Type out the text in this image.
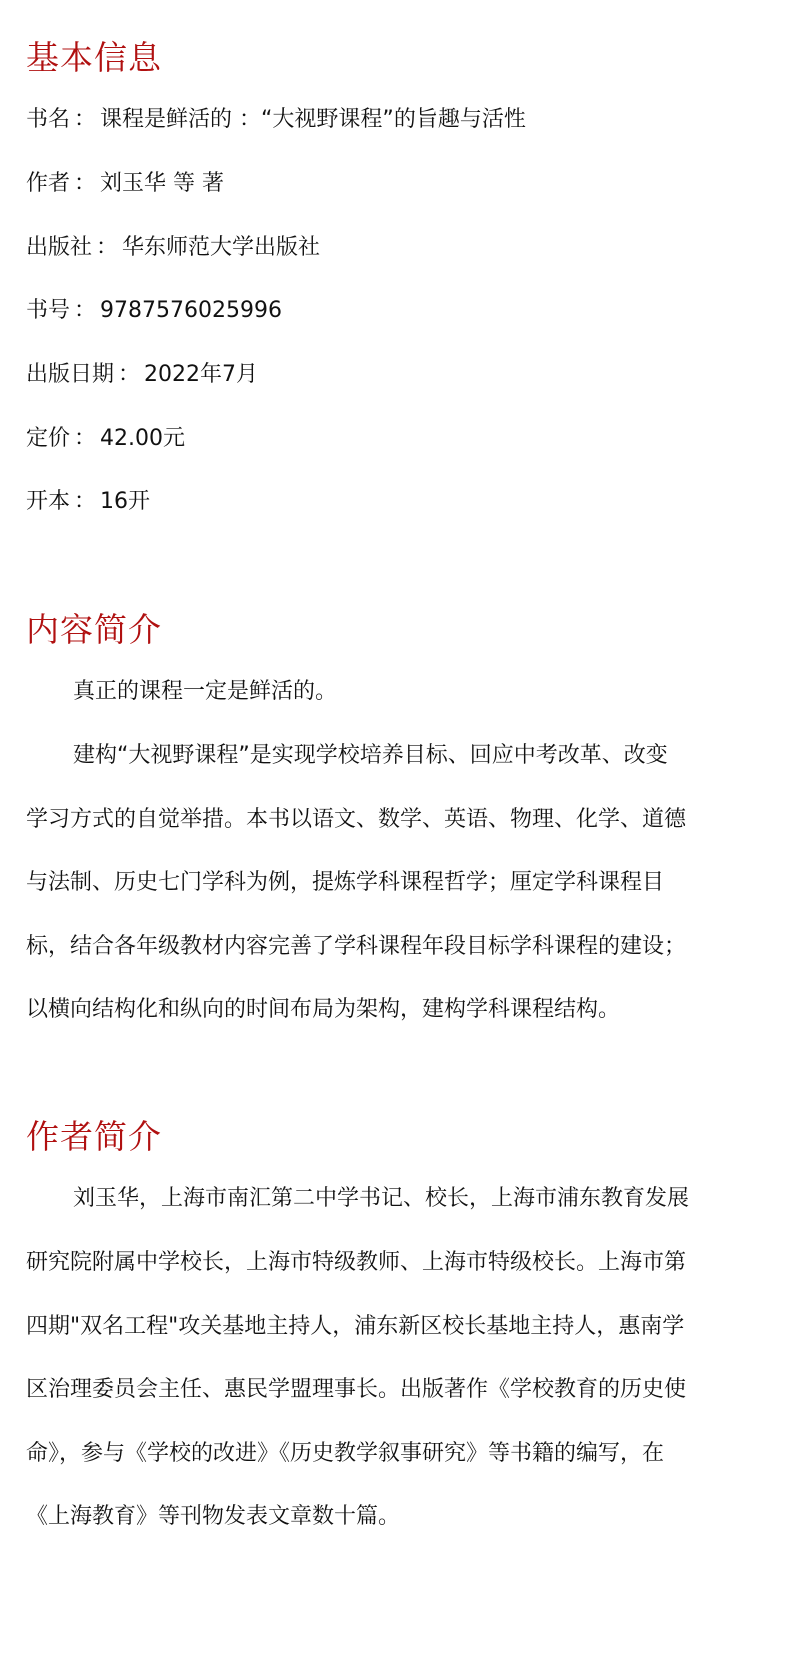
基本信息

书名 ： 课程是鲜活的 ：“大视野课程”的旨趣与活性

作者 ： 刘玉华 等 著

出版社 ： 华东师范大学出版社

书号 ： 9787576025996

出版日期 ： 2022年7月

定价 ： 42.00元

开本 ： 16开

内容简介

真正的课程一定是鲜活的。

建构“大视野课程”是实现学校培养目标、回应中考改革、改变

学习方式的自觉举措。本书以语文、数学、英语、物理、化学、道德

与法制、历史七门学科为例，提炼学科课程哲学；厘定学科课程目

标，结合各年级教材内容完善了学科课程年段目标学科课程的建设；

以横向结构化和纵向的时间布局为架构，建构学科课程结构。

作者简介

刘玉华，上海市南汇第二中学书记、校长，上海市浦东教育发展

研究院附属中学校长，上海市特级教师、上海市特级校长。上海市第

四期"双名工程"攻关基地主持人，浦东新区校长基地主持人，惠南学

区治理委员会主任、惠民学盟理事长。出版著作《学校教育的历史使

命》，参与《学校的改进》《历史教学叙事研究》等书籍的编写，在

《上海教育》等刊物发表文章数十篇。
